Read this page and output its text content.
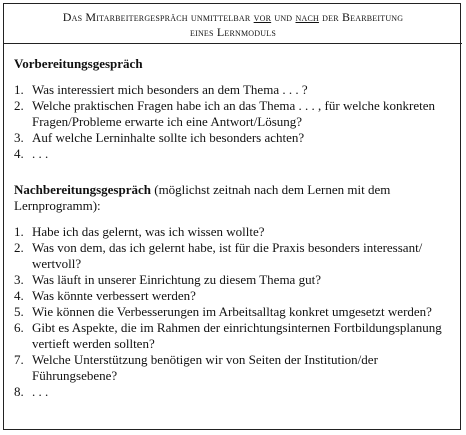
Das Mitarbeitergespräch unmittelbar vor und nach der Bearbeitung
eines Lernmoduls
Vorbereitungsgespräch
1. Was interessiert mich besonders an dem Thema . . . ?
2. Welche praktischen Fragen habe ich an das Thema . . . , für welche konkreten Fragen/Probleme erwarte ich eine Antwort/Lösung?
3. Auf welche Lerninhalte sollte ich besonders achten?
4. . . .
Nachbereitungsgespräch (möglichst zeitnah nach dem Lernen mit dem Lernprogramm):
1. Habe ich das gelernt, was ich wissen wollte?
2. Was von dem, das ich gelernt habe, ist für die Praxis besonders interessant/ wertvoll?
3. Was läuft in unserer Einrichtung zu diesem Thema gut?
4. Was könnte verbessert werden?
5. Wie können die Verbesserungen im Arbeitsalltag konkret umgesetzt werden?
6. Gibt es Aspekte, die im Rahmen der einrichtungsinternen Fortbildungsplanung vertieft werden sollten?
7. Welche Unterstützung benötigen wir von Seiten der Institution/der Führungsebene?
8. . . .
